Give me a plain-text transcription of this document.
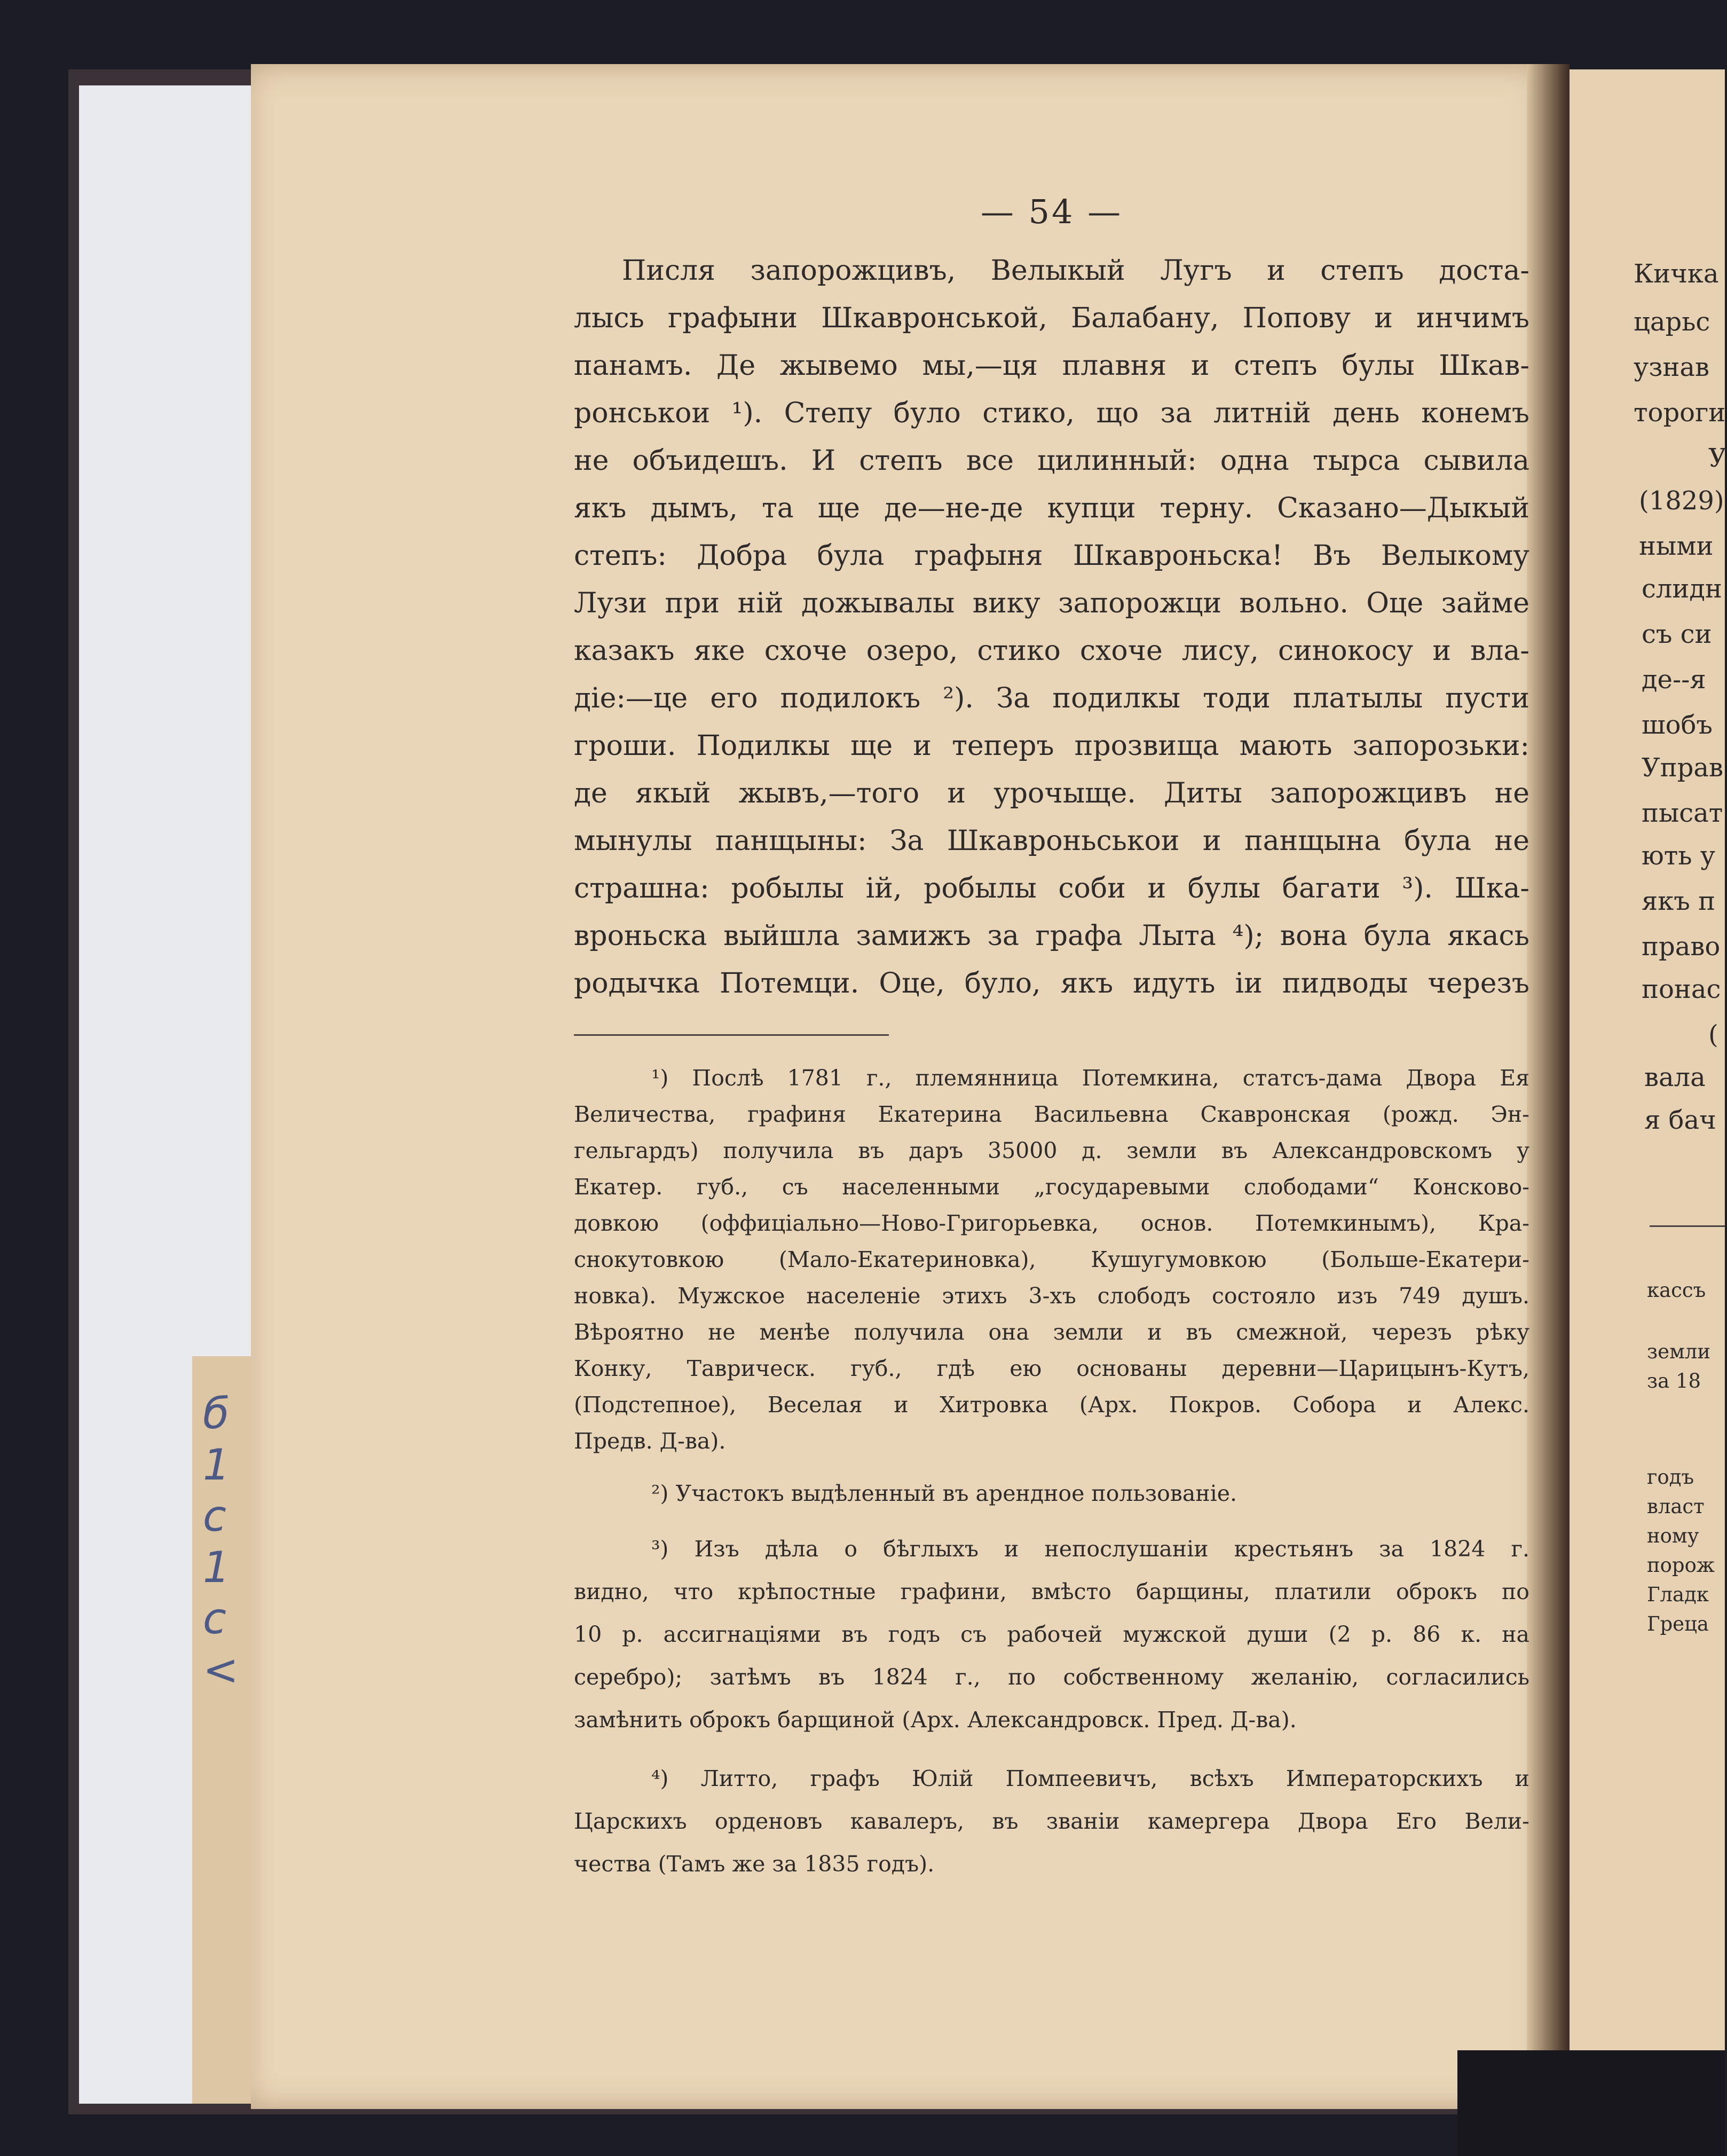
б
1
с
1
с
<
Кичка
царьс
узнав
тороги
У
(1829)
ными
слидн
съ си
де--я
шобъ
Управ
пысат
ють у
якъ п
право
понас
(
вала
я бач
кассъ
земли
за 18
годъ
власт
ному
порож
Гладк
Греца
— 54 —
Писля запорожцивъ, Велыкый Лугъ и степъ доста-
лысь графыни Шкавронськой, Балабану, Попову и инчимъ
панамъ. Де жывемо мы,—ця плавня и степъ булы Шкав-
ронськои ¹). Степу було стико, що за литній день конемъ
не объидешъ. И степъ все цилинный: одна тырса сывила
якъ дымъ, та ще де—не-де купци терну. Сказано—Дыкый
степъ: Добра була графыня Шкавроньска! Въ Велыкому
Лузи при ній дожывалы вику запорожци вольно. Оце займе
казакъ яке схоче озеро, стико схоче лису, синокосу и вла-
діе:—це его подилокъ ²). За подилкы тоди платылы пусти
гроши. Подилкы ще и теперъ прозвища мають запорозьки:
де якый жывъ,—того и урочыще. Диты запорожцивъ не
мынулы панщыны: За Шкавроньськои и панщына була не
страшна: робылы ій, робылы соби и булы багати ³). Шка-
вроньска выйшла замижъ за графа Лыта ⁴); вона була якась
родычка Потемци. Оце, було, якъ идуть іи пидводы черезъ
¹) Послѣ 1781 г., племянница Потемкина, статсъ-дама Двора Ея
Величества, графиня Екатерина Васильевна Скавронская (рожд. Эн-
гельгардъ) получила въ даръ 35000 д. земли въ Александровскомъ у
Екатер. губ., съ населенными „государевыми слободами“ Конскoво-
довкою (оффиціально—Ново-Григорьевка, основ. Потемкинымъ), Кра-
снокутовкою (Мало-Екатериновка), Кушугумовкою (Больше-Екатери-
новка). Мужское населеніе этихъ 3-хъ слободъ состояло изъ 749 душъ.
Вѣроятно не менѣе получила она земли и въ смежной, черезъ рѣку
Конку, Тавричеcк. губ., гдѣ ею основаны деревни—Царицынъ-Кутъ,
(Подстепное), Веселая и Хитровка (Арх. Покров. Собора и Алекс.
Предв. Д-ва).
²) Участокъ выдѣленный въ арендное пользованіе.
³) Изъ дѣла о бѣглыхъ и непослушаніи крестьянъ за 1824 г.
видно, что крѣпостные графини, вмѣсто барщины, платили оброкъ по
10 р. ассигнаціями въ годъ съ рабочей мужской души (2 р. 86 к. на
серебро); затѣмъ въ 1824 г., по собственному желанію, согласились
замѣнить оброкъ барщиной (Арх. Александровск. Пред. Д-ва).
⁴) Литто, графъ Юлій Помпеевичъ, всѣхъ Императорскихъ и
Царскихъ орденовъ кавалеръ, въ званіи камергера Двора Его Вели-
чества (Тамъ же за 1835 годъ).
